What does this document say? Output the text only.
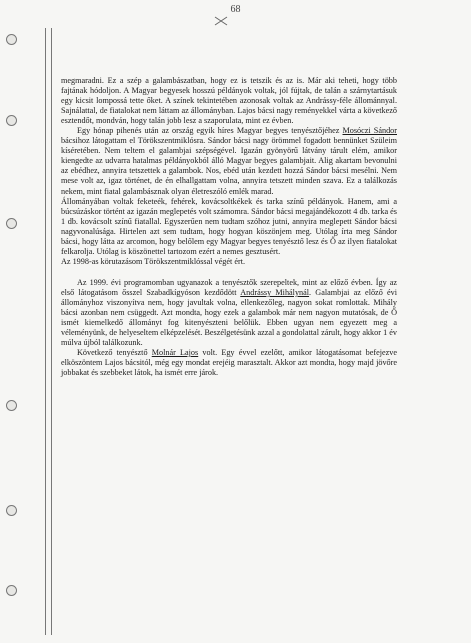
68

megmaradni. Ez a szép a galambászatban, hogy ez is tetszik és az is. Már aki teheti, hogy több fajtának hódoljon. A Magyar begyesek hosszú példányok voltak, jól fújtak, de talán a szárnytartásuk egy kicsit lompossá tette őket. A színek tekintetében azonosak voltak az Andrássy-féle állománnyal. Sajnálattal, de fiatalokat nem láttam az állományban. Lajos bácsi nagy reményekkel várta a következő esztendőt, mondván, hogy talán jobb lesz a szaporulata, mint ez évben.

Egy hónap pihenés után az ország egyik híres Magyar begyes tenyésztőjéhez Mosóczi Sándor bácsihoz látogattam el Törökszentmiklósra. Sándor bácsi nagy örömmel fogadott bennünket Szüleim kíséretében. Nem teltem el galambjai szépségével. Igazán gyönyörű látvány tárult elém, amikor kiengedte az udvarra hatalmas példányokból álló Magyar begyes galambjait. Alig akartam bevonulni az ebédhez, annyira tetszettek a galambok. Nos, ebéd után kezdett hozzá Sándor bácsi mesélni. Nem mese volt az, igaz történet, de én elhallgattam volna, annyira tetszett minden szava. Ez a találkozás nekem, mint fiatal galambásznak olyan életreszóló emlék marad.

Állományában voltak feketeék, fehérek, kovácsoltkékek és tarka színű példányok. Hanem, ami a búcsúzáskor történt az igazán meglepetés volt számomra. Sándor bácsi megajándékozott 4 db. tarka és 1 db. kovácsolt színű fiatallal. Egyszerűen nem tudtam szóhoz jutni, annyira meglepett Sándor bácsi nagyvonalúsága. Hirtelen azt sem tudtam, hogy hogyan köszönjem meg. Utólag írta meg Sándor bácsi, hogy látta az arcomon, hogy belőlem egy Magyar begyes tenyésztő lesz és Ő az ilyen fiatalokat felkarolja. Utólag is köszönettel tartozom ezért a nemes gesztusért.

Az 1998-as körutazásom Törökszentmiklóssal végét ért.

Az 1999. évi programomban ugyanazok a tenyésztők szerepeltek, mint az előző évben. Így az első látogatásom ősszel Szabadkígyóson kezdődött Andrássy Mihálynál. Galambjai az előző évi állományhoz viszonyítva nem, hogy javultak volna, ellenkezőleg, nagyon sokat romlottak. Mihály bácsi azonban nem csüggedt. Azt mondta, hogy ezek a galambok már nem nagyon mutatósak, de Ő ismét kiemelkedő állományt fog kitenyészteni belőlük. Ebben ugyan nem egyezett meg a véleményünk, de helyeseltem elképzelését. Beszélgetésünk azzal a gondolattal zárult, hogy akkor 1 év múlva újból találkozunk.

Következő tenyésztő Molnár Lajos volt. Egy évvel ezelőtt, amikor látogatásomat befejezve elköszöntem Lajos bácsitól, még egy mondat erejéig marasztalt. Akkor azt mondta, hogy majd jövőre jobbakat és szebbeket látok, ha ismét erre járok.
